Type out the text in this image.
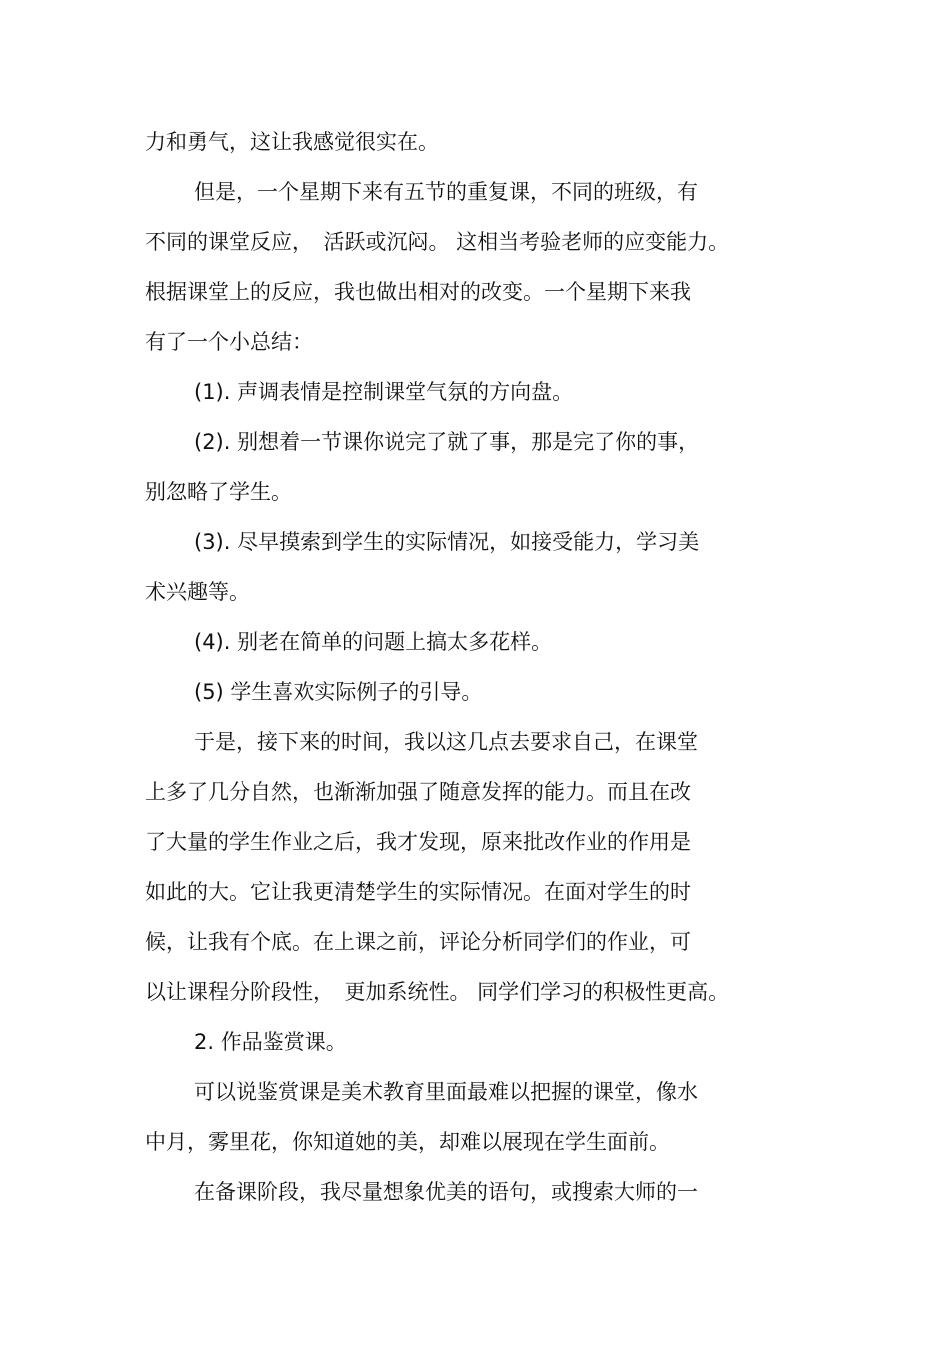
力和勇气，这让我感觉很实在。
但是，一个星期下来有五节的重复课，不同的班级，有
不同的课堂反应，　活跃或沉闷。 这相当考验老师的应变能力。
根据课堂上的反应，我也做出相对的改变。一个星期下来我
有了一个小总结：
(1). 声调表情是控制课堂气氛的方向盘。
(2). 别想着一节课你说完了就了事，那是完了你的事，
别忽略了学生。
(3). 尽早摸索到学生的实际情况，如接受能力，学习美
术兴趣等。
(4). 别老在简单的问题上搞太多花样。
(5) 学生喜欢实际例子的引导。
于是，接下来的时间，我以这几点去要求自己，在课堂
上多了几分自然，也渐渐加强了随意发挥的能力。而且在改
了大量的学生作业之后，我才发现，原来批改作业的作用是
如此的大。它让我更清楚学生的实际情况。在面对学生的时
候，让我有个底。在上课之前，评论分析同学们的作业，可
以让课程分阶段性，　更加系统性。 同学们学习的积极性更高。
2. 作品鉴赏课。
可以说鉴赏课是美术教育里面最难以把握的课堂，像水
中月，雾里花，你知道她的美，却难以展现在学生面前。
在备课阶段，我尽量想象优美的语句，或搜索大师的一
